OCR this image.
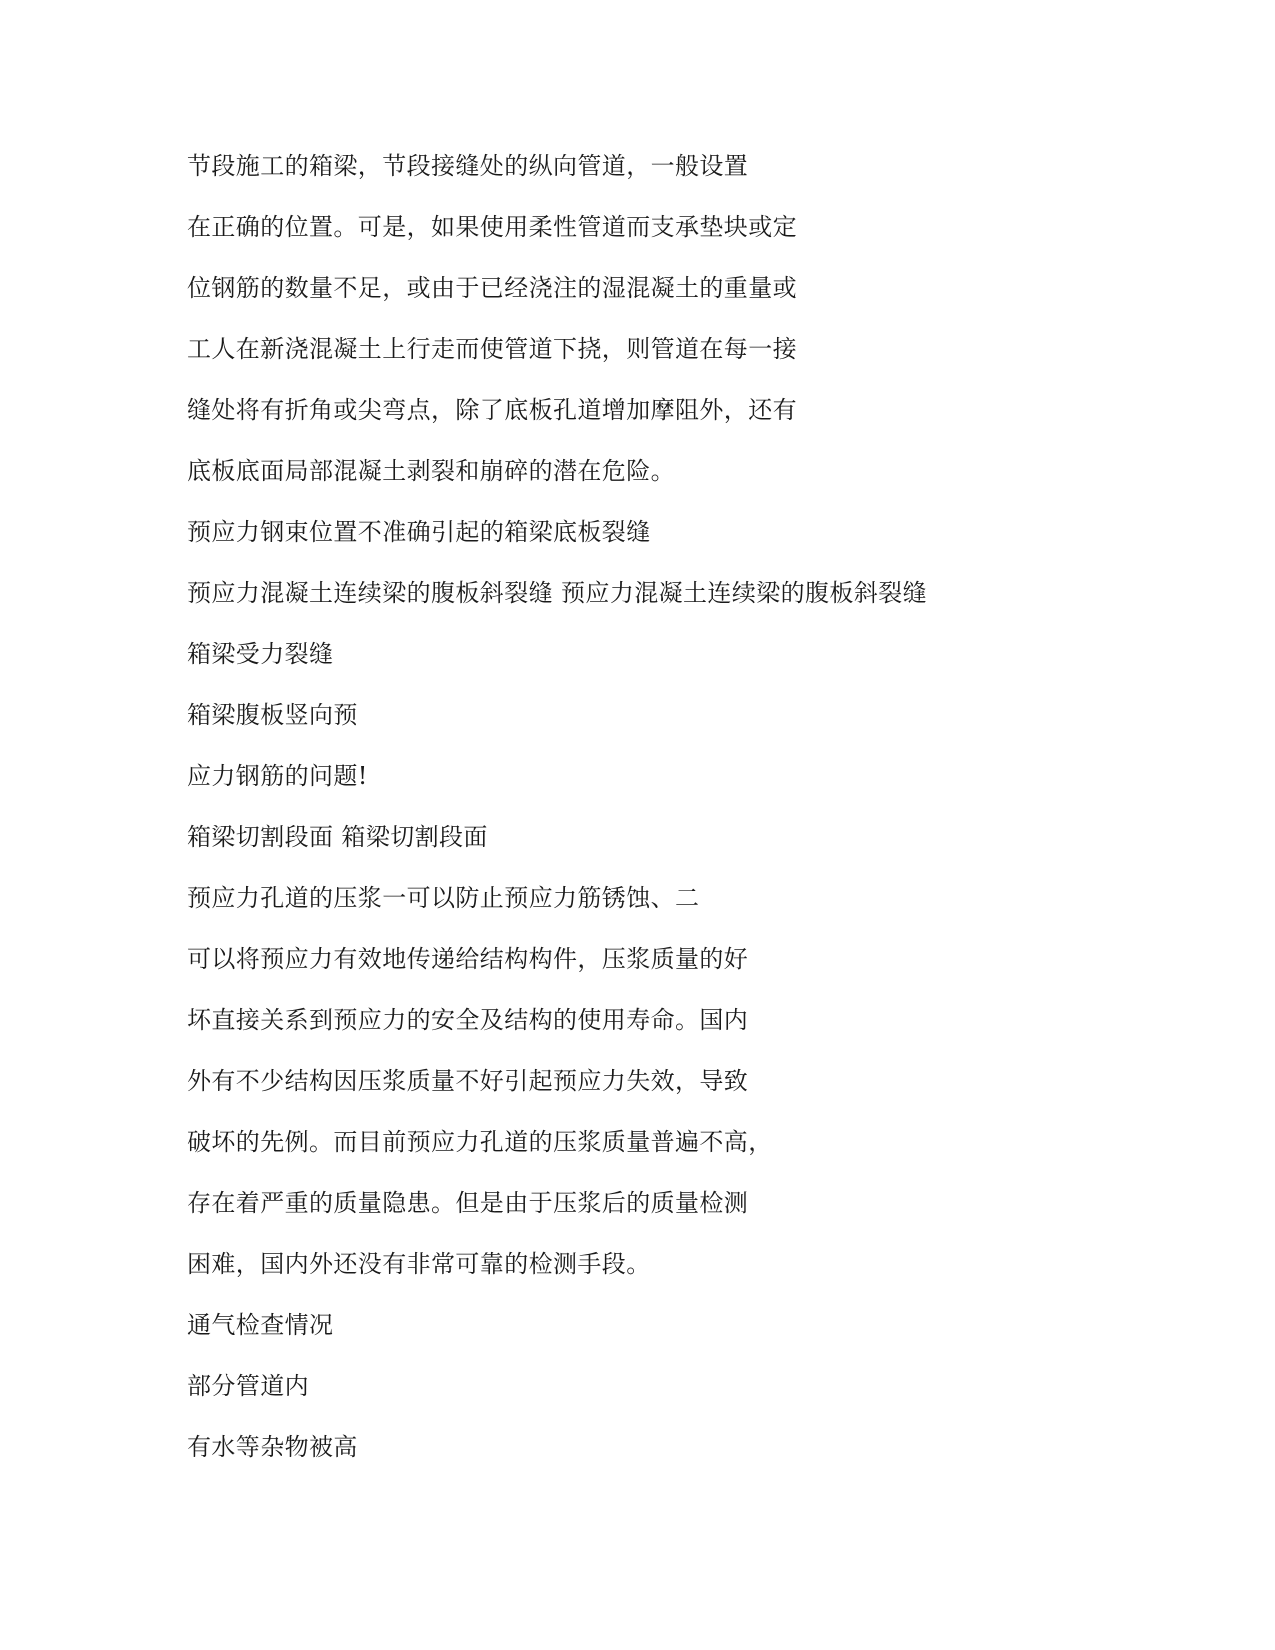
节段施工的箱梁，节段接缝处的纵向管道，一般设置
在正确的位置。可是，如果使用柔性管道而支承垫块或定
位钢筋的数量不足，或由于已经浇注的湿混凝土的重量或
工人在新浇混凝土上行走而使管道下挠，则管道在每一接
缝处将有折角或尖弯点，除了底板孔道增加摩阻外，还有
底板底面局部混凝土剥裂和崩碎的潜在危险。
预应力钢束位置不准确引起的箱梁底板裂缝
预应力混凝土连续梁的腹板斜裂缝 预应力混凝土连续梁的腹板斜裂缝
箱梁受力裂缝
箱梁腹板竖向预
应力钢筋的问题!
箱梁切割段面 箱梁切割段面
预应力孔道的压浆一可以防止预应力筋锈蚀、二
可以将预应力有效地传递给结构构件，压浆质量的好
坏直接关系到预应力的安全及结构的使用寿命。国内
外有不少结构因压浆质量不好引起预应力失效，导致
破坏的先例。而目前预应力孔道的压浆质量普遍不高，
存在着严重的质量隐患。但是由于压浆后的质量检测
困难，国内外还没有非常可靠的检测手段。
通气检查情况
部分管道内
有水等杂物被高
